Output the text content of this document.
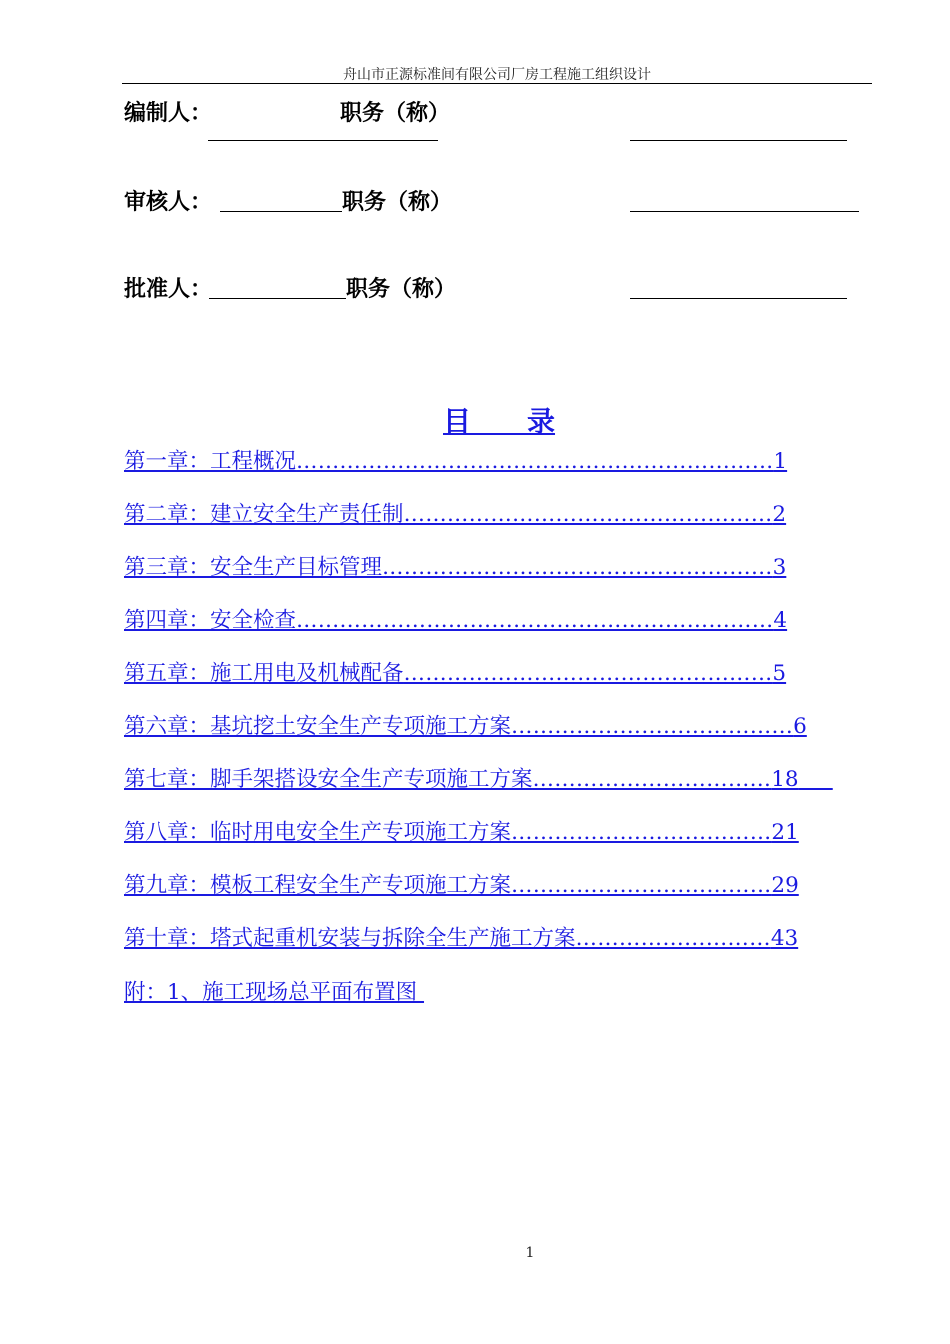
舟山市正源标准间有限公司厂房工程施工组织设计
编制人：	职务（称）
审核人：	职务（称）
批准人：	职务（称）
目　　录
第一章：工程概况…………………………………………………………1
第二章：建立安全生产责任制……………………………………………2
第三章：安全生产目标管理………………………………………………3
第四章：安全检查…………………………………………………………4
第五章：施工用电及机械配备……………………………………………5
第六章：基坑挖土安全生产专项施工方案…………………………………6
第七章：脚手架搭设安全生产专项施工方案……………………………18
第八章：临时用电安全生产专项施工方案………………………………21
第九章：模板工程安全生产专项施工方案………………………………29
第十章：塔式起重机安装与拆除全生产施工方案………………………43
附：1、施工现场总平面布置图
1
